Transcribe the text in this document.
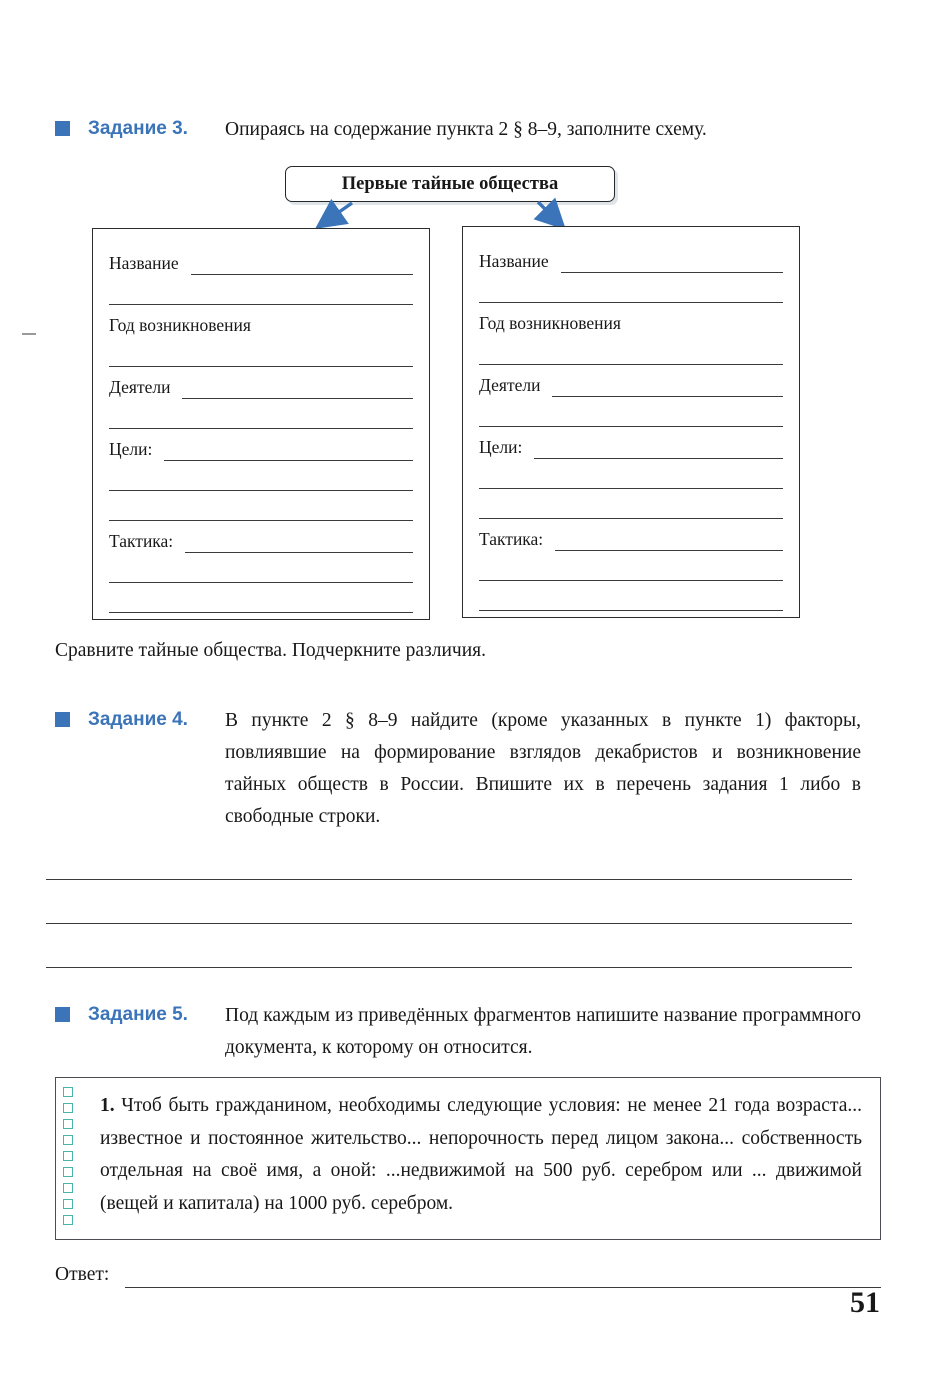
Задание 3.	Опираясь на содержание пункта 2 § 8–9, заполните схему.
Первые тайные общества
Название
Год возникновения
Деятели
Цели:
Тактика:
Название
Год возникновения
Деятели
Цели:
Тактика:

Сравните тайные общества. Подчеркните различия.

Задание 4.	В пункте 2 § 8–9 найдите (кроме указанных в пункте 1) факторы, повлиявшие на формирование взглядов декабристов и возникновение тайных обществ в России. Впишите их в перечень задания 1 либо в свободные строки.
Задание 5.	Под каждым из приведённых фрагментов напишите название программного документа, к которому он относится.

1. Чтоб быть гражданином, необходимы следующие условия: не менее 21 года возраста... известное и постоянное жительство... непорочность перед лицом закона... собственность отдельная на своё имя, а оной: ...недвижимой на 500 руб. серебром или ... движимой (вещей и капитала) на 1000 руб. серебром.

Ответ:
51
